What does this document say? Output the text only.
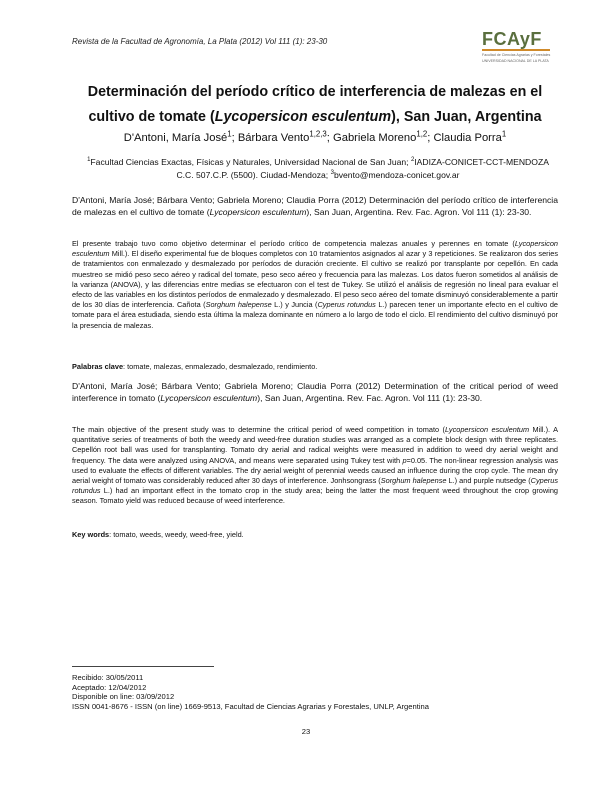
Revista de la Facultad de Agronomía, La Plata (2012) Vol 111 (1): 23-30	FCAyF
Facultad de Ciencias Agrarias y Forestales
UNIVERSIDAD NACIONAL DE LA PLATA
Determinación del período crítico de interferencia de malezas en el cultivo de tomate (Lycopersicon esculentum), San Juan, Argentina
D'Antoni, María José$^1$; Bárbara Vento$^{1,2,3}$; Gabriela Moreno$^{1,2}$; Claudia Porra$^1$
$^1$Facultad Ciencias Exactas, Físicas y Naturales, Universidad Nacional de San Juan; $^2$IADIZA-CONICET-CCT-MENDOZA C.C. 507.C.P. (5500). Ciudad-Mendoza; $^3$bvento@mendoza-conicet.gov.ar
D'Antoni, María José; Bárbara Vento; Gabriela Moreno; Claudia Porra (2012) Determinación del período crítico de interferencia de malezas en el cultivo de tomate (Lycopersicon esculentum), San Juan, Argentina. Rev. Fac. Agron. Vol 111 (1): 23-30.
El presente trabajo tuvo como objetivo determinar el período crítico de competencia malezas anuales y perennes en tomate (Lycopersicon esculentum Mill.). El diseño experimental fue de bloques completos con 10 tratamientos asignados al azar y 3 repeticiones. Se realizaron dos series de tratamientos con enmalezado y desmalezado por períodos de duración creciente. El cultivo se realizó por transplante por cepellón. En cada muestreo se midió peso seco aéreo y radical del tomate, peso seco aéreo y frecuencia para las malezas. Los datos fueron sometidos al análisis de la varianza (ANOVA), y las diferencias entre medias se efectuaron con el test de Tukey. Se utilizó el análisis de regresión no lineal para evaluar el efecto de las variables en los distintos períodos de enmalezado y desmalezado. El peso seco aéreo del tomate disminuyó considerablemente a partir de los 30 días de interferencia. Cañota (Sorghum halepense L.) y Juncia (Cyperus rotundus L.) parecen tener un importante efecto en el cultivo de tomate para el área estudiada, siendo esta última la maleza dominante en número a lo largo de todo el ciclo. El rendimiento del cultivo disminuyó por la presencia de malezas.
Palabras clave: tomate, malezas, enmalezado, desmalezado, rendimiento.
D'Antoni, María José; Bárbara Vento; Gabriela Moreno; Claudia Porra (2012) Determination of the critical period of weed interference in tomato (Lycopersicon esculentum), San Juan, Argentina. Rev. Fac. Agron. Vol 111 (1): 23-30.
The main objective of the present study was to determine the critical period of weed competition in tomato (Lycopersicon esculentum Mill.). A quantitative series of treatments of both the weedy and weed-free duration studies was arranged as a complete block design with three replicates. Cepellón root ball was used for transplanting. Tomato dry aerial and radical weights were measured in addition to weed dry aerial weight and frequency. The data were analyzed using ANOVA, and means were separated using Tukey test with p=0.05. The non-linear regression analysis was used to evaluate the effects of different variables. The dry aerial weight of perennial weeds caused an influence during the crop cycle. The mean dry aerial weight of tomato was considerably reduced after 30 days of interference. Jonhsongrass (Sorghum halepense L.) and purple nutsedge (Cyperus rotundus L.) had an important effect in the tomato crop in the study area; being the latter the most frequent weed throughout the crop growing season. Tomato yield was reduced because of weed interference.
Key words: tomato, weeds, weedy, weed-free, yield.
Recibido: 30/05/2011
Aceptado: 12/04/2012
Disponible on line: 03/09/2012
ISSN 0041-8676 - ISSN (on line) 1669-9513, Facultad de Ciencias Agrarias y Forestales, UNLP, Argentina
23
